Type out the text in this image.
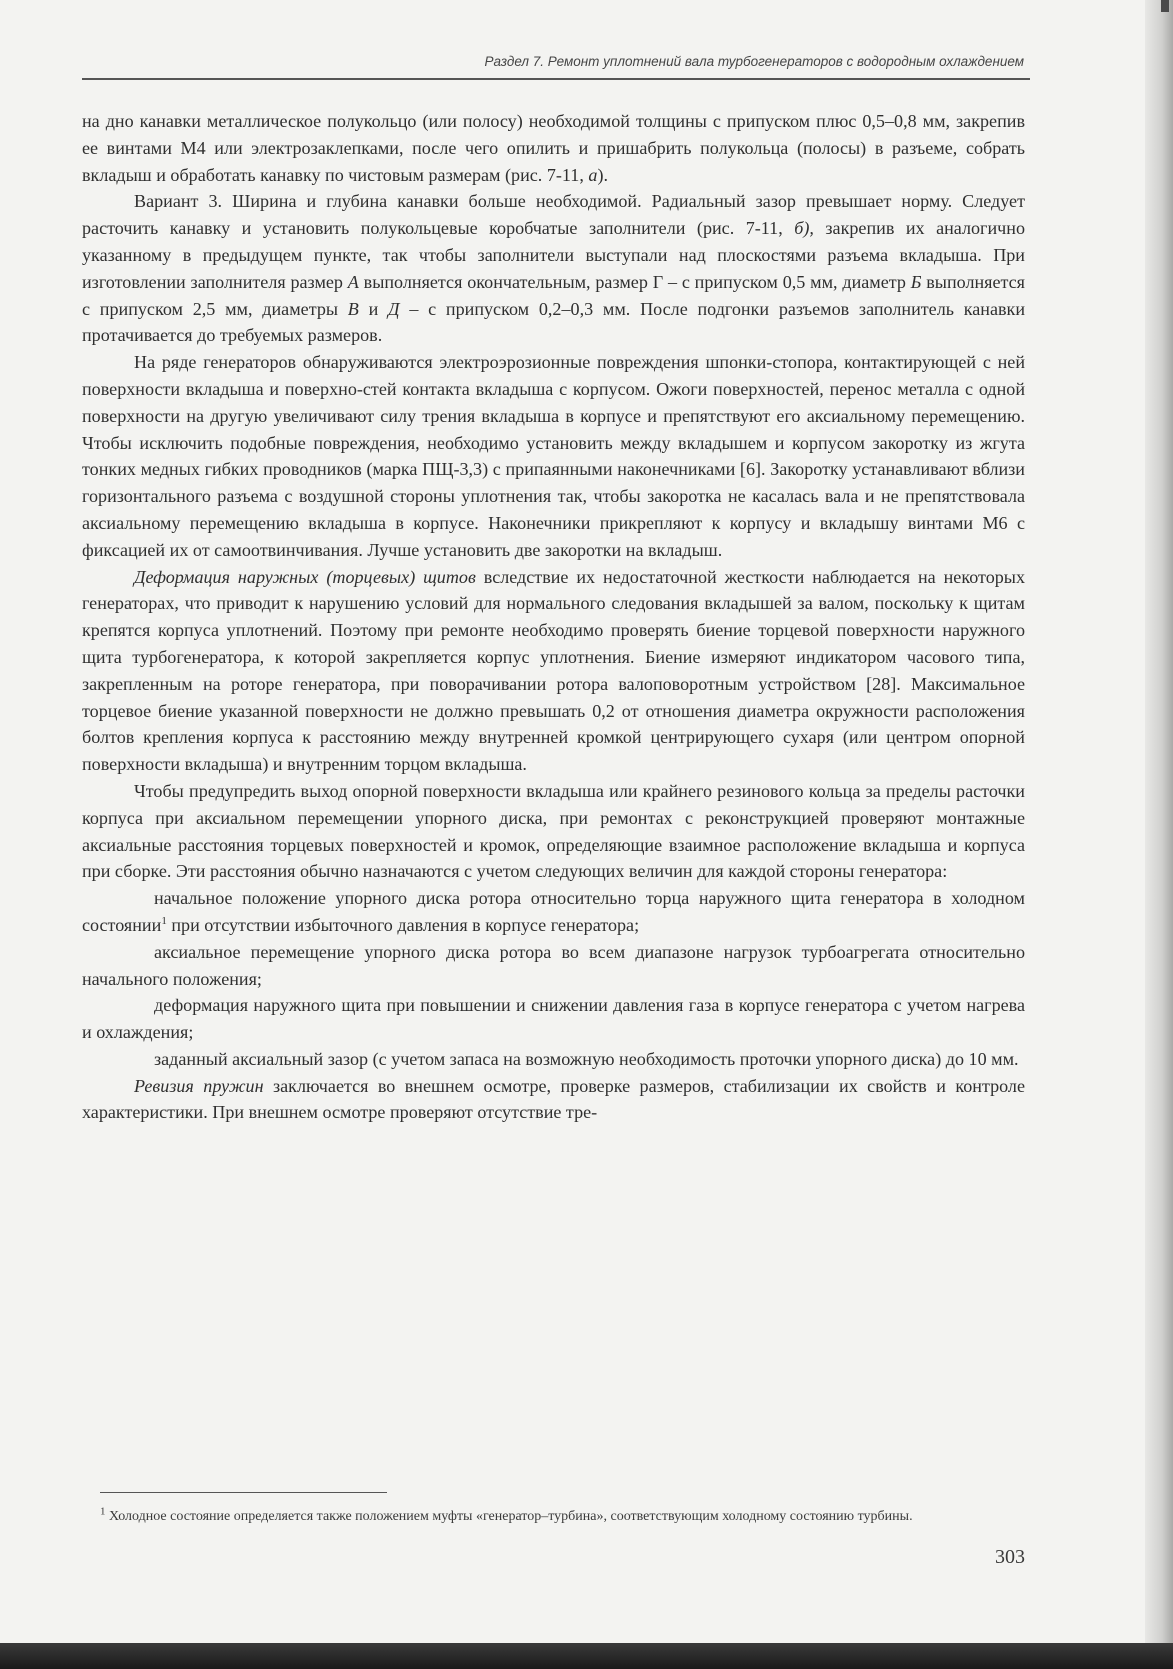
Раздел 7. Ремонт уплотнений вала турбогенераторов с водородным охлаждением

на дно канавки металлическое полукольцо (или полосу) необходимой толщины с припуском плюс 0,5–0,8 мм, закрепив ее винтами М4 или электрозаклепками, после чего опилить и пришабрить полукольца (полосы) в разъеме, собрать вкладыш и обработать канавку по чистовым размерам (рис. 7-11, а).

Вариант 3. Ширина и глубина канавки больше необходимой. Радиальный зазор превышает норму. Следует расточить канавку и установить полукольцевые коробчатые заполнители (рис. 7-11, б), закрепив их аналогично указанному в предыдущем пункте, так чтобы заполнители выступали над плоскостями разъема вкладыша. При изготовлении заполнителя размер А выполняется окончательным, размер Г – с припуском 0,5 мм, диаметр Б выполняется с припуском 2,5 мм, диаметры В и Д – с припуском 0,2–0,3 мм. После подгонки разъемов заполнитель канавки протачивается до требуемых размеров.

На ряде генераторов обнаруживаются электроэрозионные повреждения шпонки-стопора, контактирующей с ней поверхности вкладыша и поверхно-стей контакта вкладыша с корпусом. Ожоги поверхностей, перенос металла с одной поверхности на другую увеличивают силу трения вкладыша в корпусе и препятствуют его аксиальному перемещению. Чтобы исключить подобные повреждения, необходимо установить между вкладышем и корпусом закоротку из жгута тонких медных гибких проводников (марка ПЩ-3,3) с припаянными наконечниками [6]. Закоротку устанавливают вблизи горизонтального разъема с воздушной стороны уплотнения так, чтобы закоротка не касалась вала и не препятствовала аксиальному перемещению вкладыша в корпусе. Наконечники прикрепляют к корпусу и вкладышу винтами М6 с фиксацией их от самоотвинчивания. Лучше установить две закоротки на вкладыш.

Деформация наружных (торцевых) щитов вследствие их недостаточной жесткости наблюдается на некоторых генераторах, что приводит к нарушению условий для нормального следования вкладышей за валом, поскольку к щитам крепятся корпуса уплотнений. Поэтому при ремонте необходимо проверять биение торцевой поверхности наружного щита турбогенератора, к которой закрепляется корпус уплотнения. Биение измеряют индикатором часового типа, закрепленным на роторе генератора, при поворачивании ротора валоповоротным устройством [28]. Максимальное торцевое биение указанной поверхности не должно превышать 0,2 от отношения диаметра окружности расположения болтов крепления корпуса к расстоянию между внутренней кромкой центрирующего сухаря (или центром опорной поверхности вкладыша) и внутренним торцом вкладыша.

Чтобы предупредить выход опорной поверхности вкладыша или крайнего резинового кольца за пределы расточки корпуса при аксиальном перемещении упорного диска, при ремонтах с реконструкцией проверяют монтажные аксиальные расстояния торцевых поверхностей и кромок, определяющие взаимное расположение вкладыша и корпуса при сборке. Эти расстояния обычно назначаются с учетом следующих величин для каждой стороны генератора:

начальное положение упорного диска ротора относительно торца наружного щита генератора в холодном состоянии$^1$ при отсутствии избыточного давления в корпусе генератора;

аксиальное перемещение упорного диска ротора во всем диапазоне нагрузок турбоагрегата относительно начального положения;

деформация наружного щита при повышении и снижении давления газа в корпусе генератора с учетом нагрева и охлаждения;

заданный аксиальный зазор (с учетом запаса на возможную необходимость проточки упорного диска) до 10 мм.

Ревизия пружин заключается во внешнем осмотре, проверке размеров, стабилизации их свойств и контроле характеристики. При внешнем осмотре проверяют отсутствие тре-

$^1$ Холодное состояние определяется также положением муфты «генератор–турбина», соответствующим холодному состоянию турбины.
303
